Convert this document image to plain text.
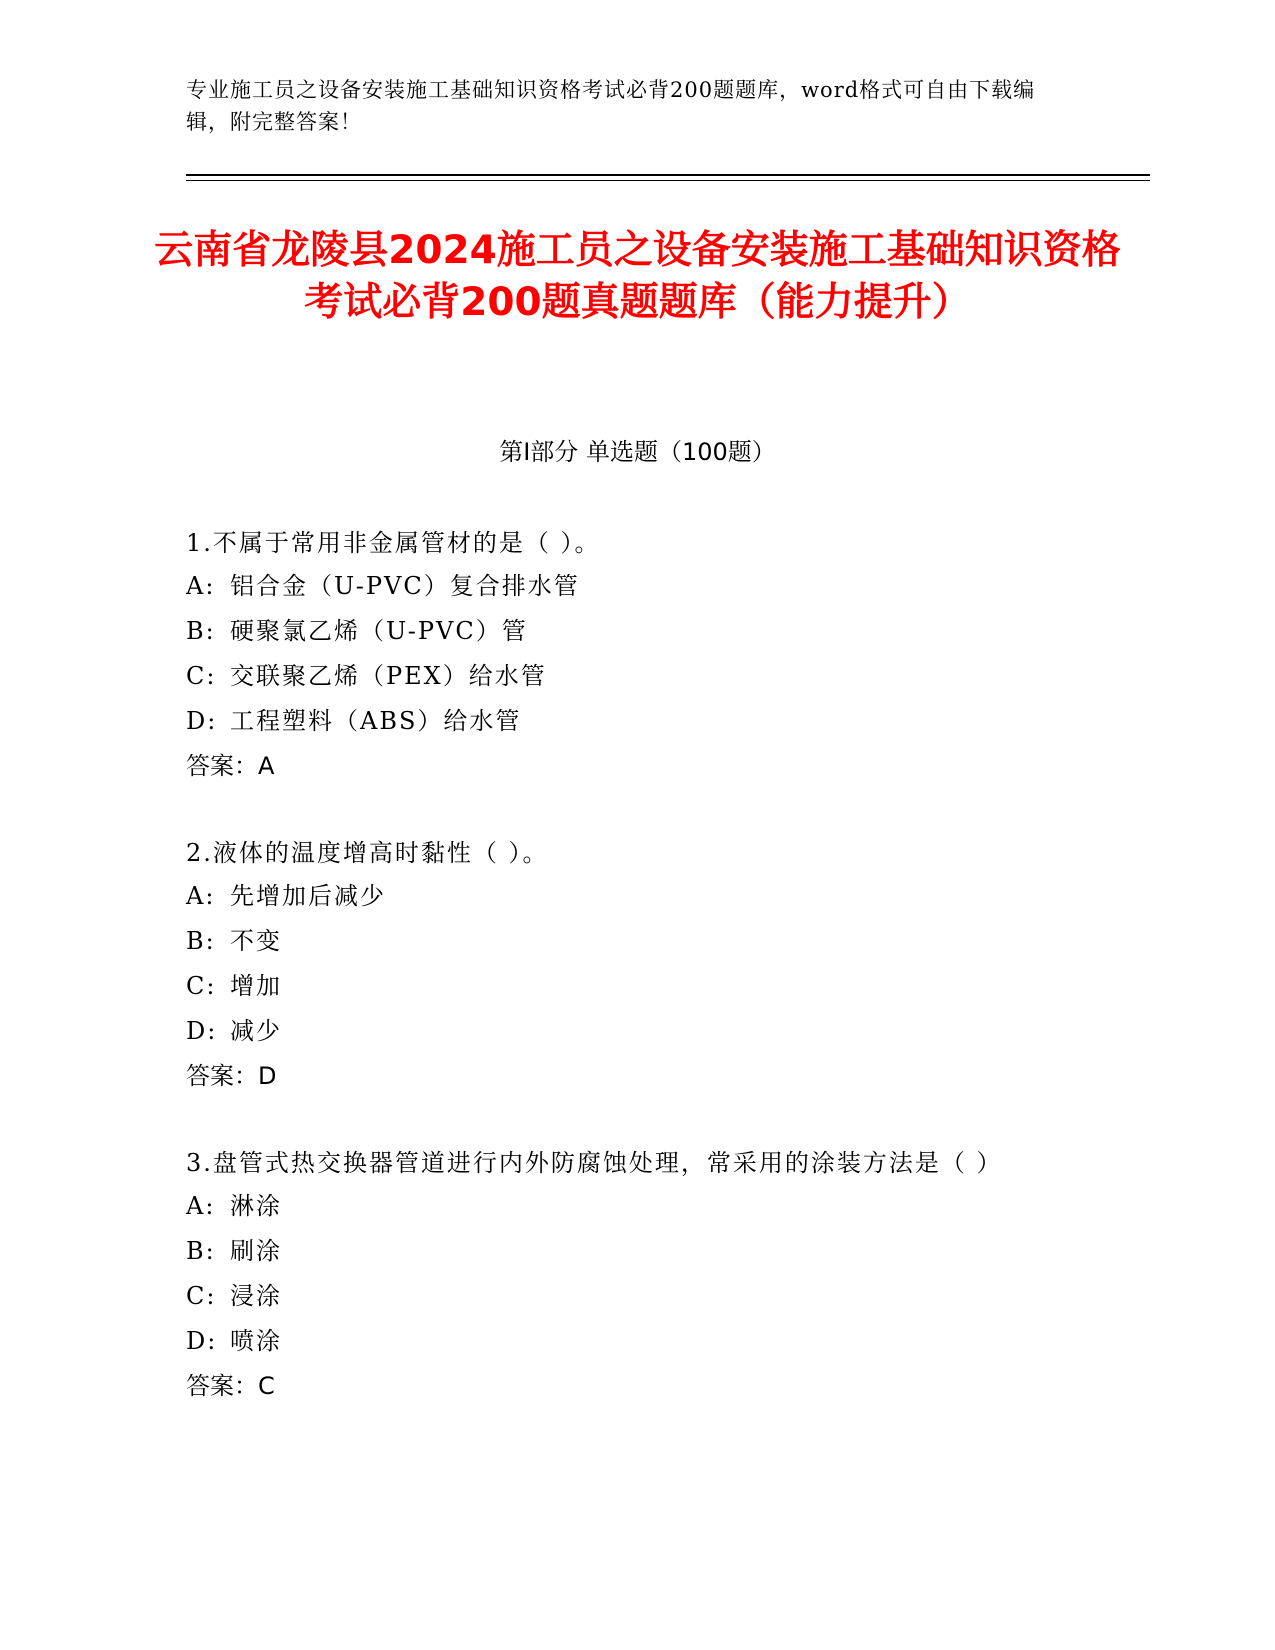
专业施工员之设备安装施工基础知识资格考试必背200题题库，word格式可自由下载编辑，附完整答案！
云南省龙陵县2024施工员之设备安装施工基础知识资格考试必背200题真题题库（能力提升）
第I部分 单选题（100题）

1.不属于常用非金属管材的是（ ）。

A: 铝合金（U-PVC）复合排水管

B: 硬聚氯乙烯（U-PVC）管

C: 交联聚乙烯（PEX）给水管

D: 工程塑料（ABS）给水管

答案：A

2.液体的温度增高时黏性（ ）。

A: 先增加后减少

B: 不变

C: 增加

D: 减少

答案：D

3.盘管式热交换器管道进行内外防腐蚀处理，常采用的涂装方法是（ ）

A: 淋涂

B: 刷涂

C: 浸涂

D: 喷涂

答案：C
